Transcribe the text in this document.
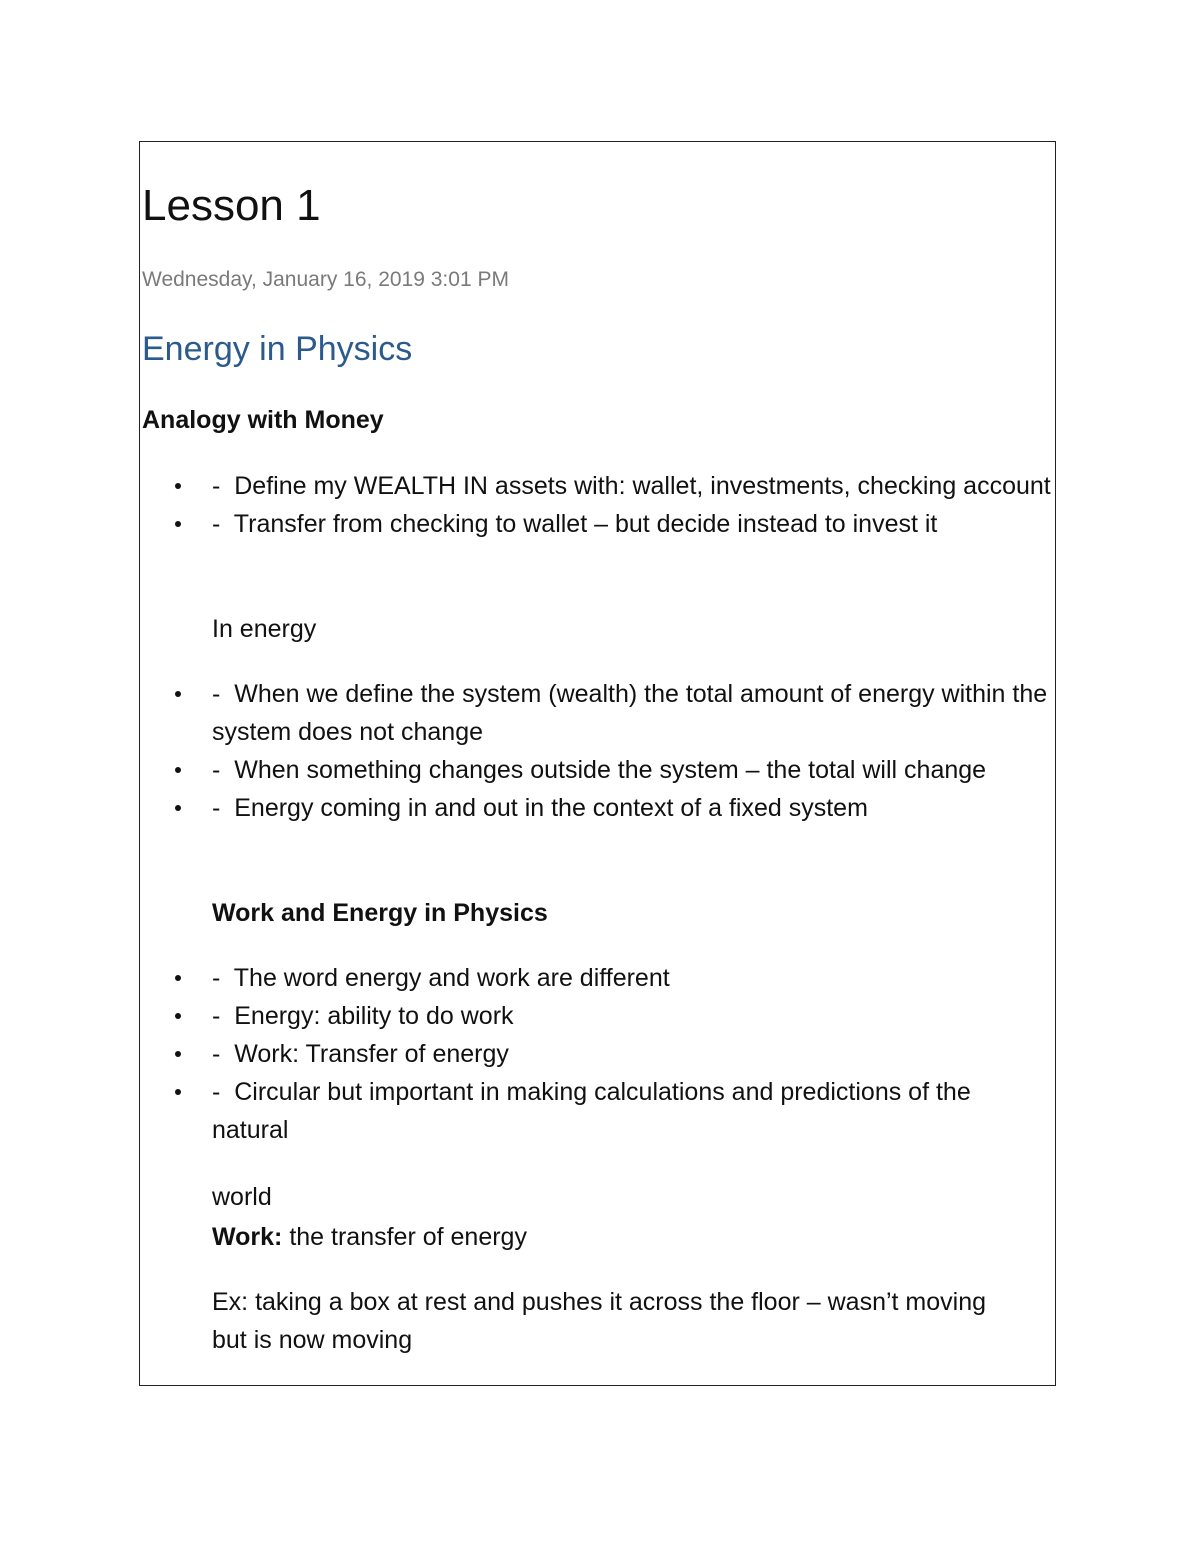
Lesson 1
Wednesday, January 16, 2019 3:01 PM
Energy in Physics
Analogy with Money
- Define my WEALTH IN assets with: wallet, investments, checking account
- Transfer from checking to wallet – but decide instead to invest it
In energy
- When we define the system (wealth) the total amount of energy within the system does not change
- When something changes outside the system – the total will change
- Energy coming in and out in the context of a fixed system
Work and Energy in Physics
- The word energy and work are different
- Energy: ability to do work
- Work: Transfer of energy
- Circular but important in making calculations and predictions of the natural
world
Work: the transfer of energy
Ex: taking a box at rest and pushes it across the floor – wasn’t moving but is now moving
